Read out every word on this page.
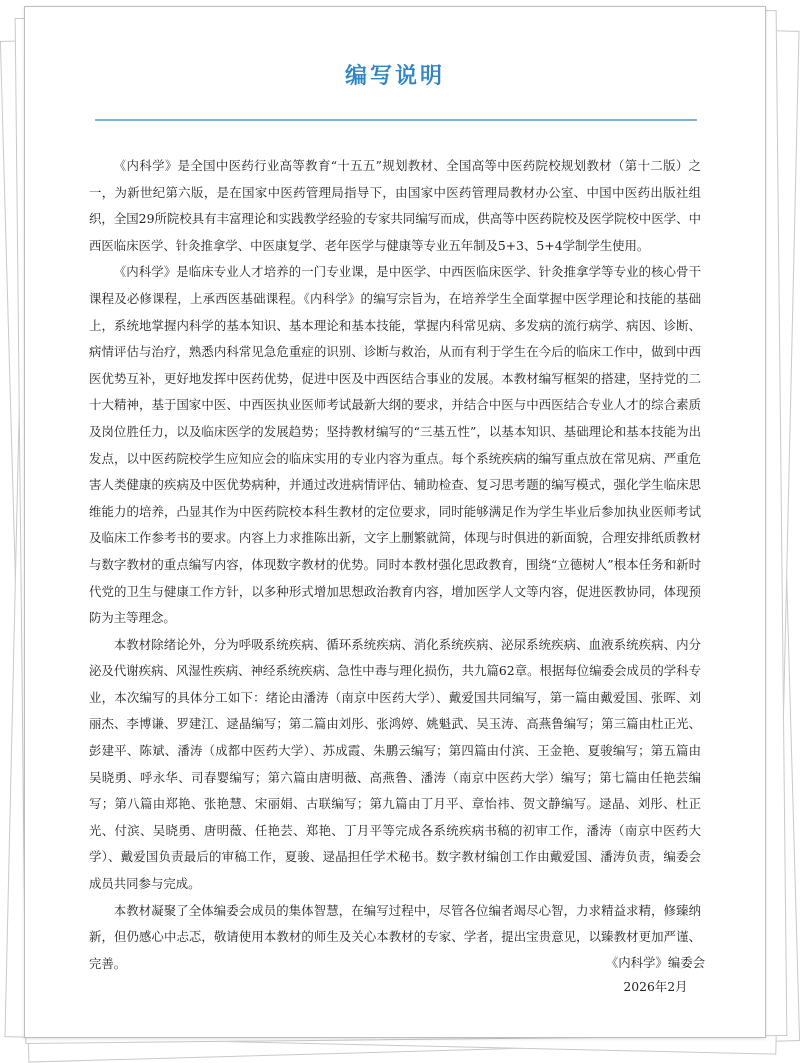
编写说明

《内科学》是全国中医药行业高等教育“十五五”规划教材、全国高等中医药院校规划教材（第十二版）之一，为新世纪第六版，是在国家中医药管理局指导下，由国家中医药管理局教材办公室、中国中医药出版社组织，全国29所院校具有丰富理论和实践教学经验的专家共同编写而成，供高等中医药院校及医学院校中医学、中西医临床医学、针灸推拿学、中医康复学、老年医学与健康等专业五年制及5+3、5+4学制学生使用。

《内科学》是临床专业人才培养的一门专业课，是中医学、中西医临床医学、针灸推拿学等专业的核心骨干课程及必修课程，上承西医基础课程。《内科学》的编写宗旨为，在培养学生全面掌握中医学理论和技能的基础上，系统地掌握内科学的基本知识、基本理论和基本技能，掌握内科常见病、多发病的流行病学、病因、诊断、病情评估与治疗，熟悉内科常见急危重症的识别、诊断与救治，从而有利于学生在今后的临床工作中，做到中西医优势互补，更好地发挥中医药优势，促进中医及中西医结合事业的发展。本教材编写框架的搭建，坚持党的二十大精神，基于国家中医、中西医执业医师考试最新大纲的要求，并结合中医与中西医结合专业人才的综合素质及岗位胜任力，以及临床医学的发展趋势；坚持教材编写的“三基五性”，以基本知识、基础理论和基本技能为出发点，以中医药院校学生应知应会的临床实用的专业内容为重点。每个系统疾病的编写重点放在常见病、严重危害人类健康的疾病及中医优势病种，并通过改进病情评估、辅助检查、复习思考题的编写模式，强化学生临床思维能力的培养，凸显其作为中医药院校本科生教材的定位要求，同时能够满足作为学生毕业后参加执业医师考试及临床工作参考书的要求。内容上力求推陈出新，文字上删繁就简，体现与时俱进的新面貌，合理安排纸质教材与数字教材的重点编写内容，体现数字教材的优势。同时本教材强化思政教育，围绕“立德树人”根本任务和新时代党的卫生与健康工作方针，以多种形式增加思想政治教育内容，增加医学人文等内容，促进医教协同，体现预防为主等理念。

本教材除绪论外，分为呼吸系统疾病、循环系统疾病、消化系统疾病、泌尿系统疾病、血液系统疾病、内分泌及代谢疾病、风湿性疾病、神经系统疾病、急性中毒与理化损伤，共九篇62章。根据每位编委会成员的学科专业，本次编写的具体分工如下：绪论由潘涛（南京中医药大学）、戴爱国共同编写，第一篇由戴爱国、张晖、刘丽杰、李博谦、罗建江、逯晶编写；第二篇由刘彤、张鸿婷、姚魁武、吴玉涛、高燕鲁编写；第三篇由杜正光、彭建平、陈斌、潘涛（成都中医药大学）、苏成霞、朱鹏云编写；第四篇由付滨、王金艳、夏骏编写；第五篇由吴晓勇、呼永华、司春婴编写；第六篇由唐明薇、高燕鲁、潘涛（南京中医药大学）编写；第七篇由任艳芸编写；第八篇由郑艳、张艳慧、宋丽娟、古联编写；第九篇由丁月平、章怡祎、贺文静编写。逯晶、刘彤、杜正光、付滨、吴晓勇、唐明薇、任艳芸、郑艳、丁月平等完成各系统疾病书稿的初审工作，潘涛（南京中医药大学）、戴爱国负责最后的审稿工作，夏骏、逯晶担任学术秘书。数字教材编创工作由戴爱国、潘涛负责，编委会成员共同参与完成。

本教材凝聚了全体编委会成员的集体智慧，在编写过程中，尽管各位编者竭尽心智，力求精益求精，修臻纳新，但仍感心中忐忑，敬请使用本教材的师生及关心本教材的专家、学者，提出宝贵意见，以臻教材更加严谨、完善。	《内科学》编委会
2026年2月
